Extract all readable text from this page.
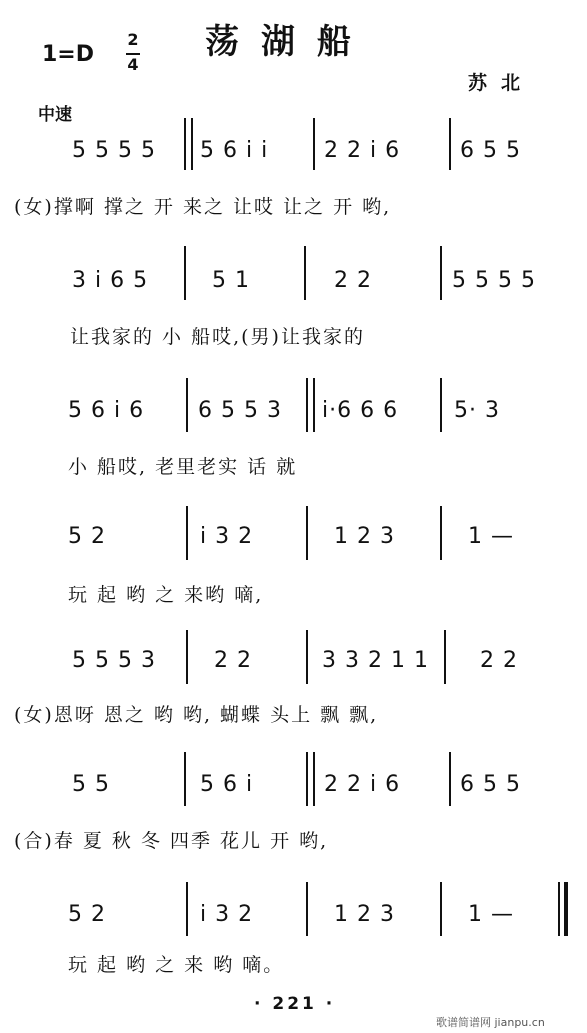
1=D
2
4
荡湖船
苏北
中速
5 5 5 5 5 6 i i	2 2 i 6	6 5 5
(女)撑啊 撑之 开 来之 让哎 让之 开 哟,
3 i 6 5	5 1	2 2	5 5 5 5
让我家的 小 船哎,(男)让我家的
5 6 i 6 6 5 5 3 i·6 6 6	5· 3
小 船哎, 老里老实 话 就
5 2	i 3 2	1 2 3	1 —
玩 起 哟 之 来哟 嘀,
5 5 5 3	2 2	3 3 2 1 1 2 2
(女)恩呀 恩之 哟 哟, 蝴蝶 头上 飘 飘,
5 5	5 6 i	2 2 i 6	6 5 5
(合)春 夏 秋 冬 四季 花儿 开 哟,
5 2	i 3 2	1 2 3	1 —
玩 起 哟 之 来 哟 嘀。
· 221 ·
歌谱简谱网 jianpu.cn
